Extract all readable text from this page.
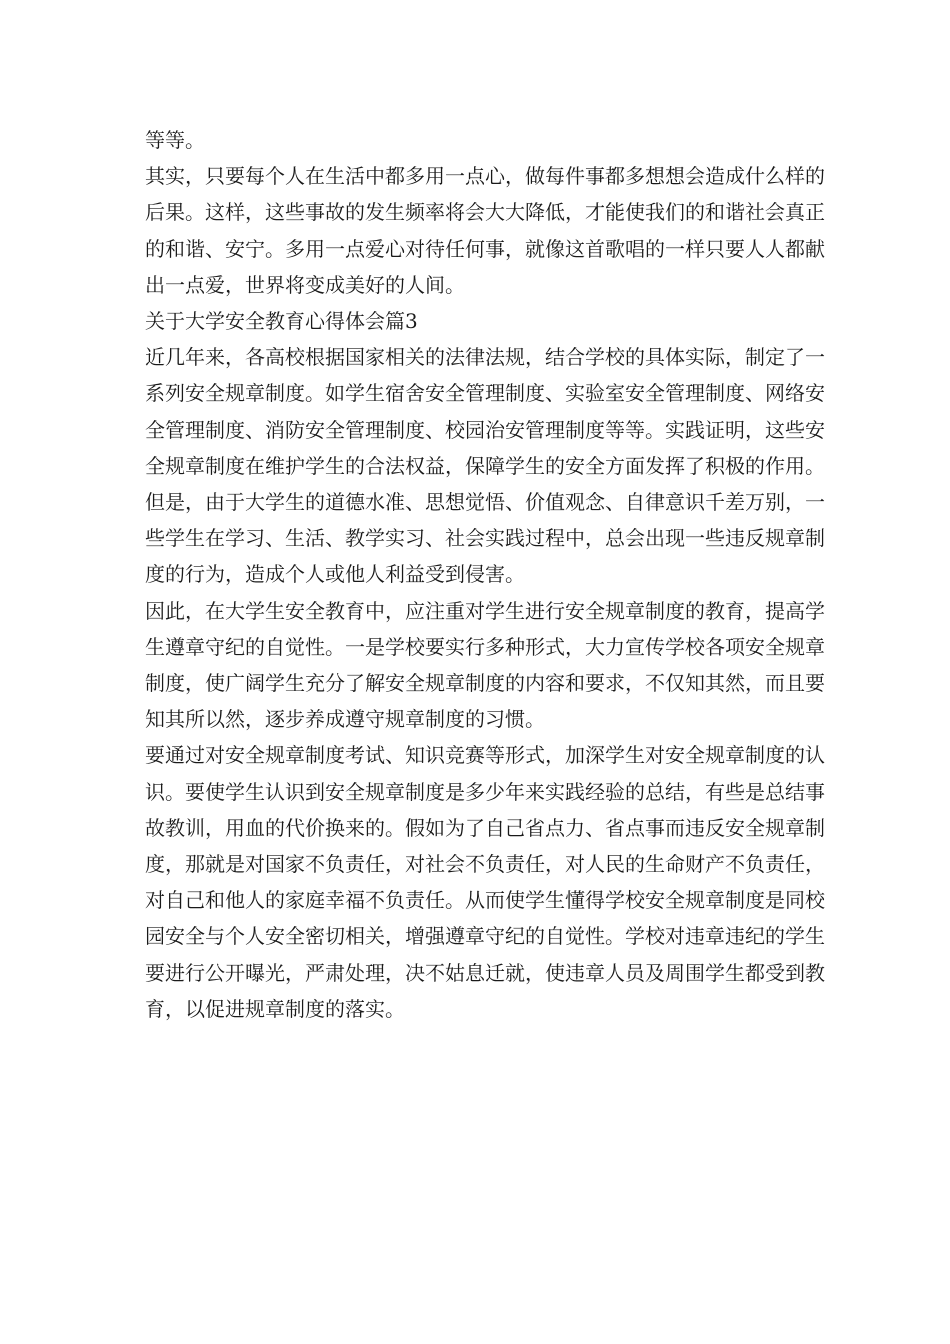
等等。

其实，只要每个人在生活中都多用一点心，做每件事都多想想会造成什么样的后果。这样，这些事故的发生频率将会大大降低，才能使我们的和谐社会真正的和谐、安宁。多用一点爱心对待任何事，就像这首歌唱的一样只要人人都献出一点爱，世界将变成美好的人间。

关于大学安全教育心得体会篇3

近几年来，各高校根据国家相关的法律法规，结合学校的具体实际，制定了一系列安全规章制度。如学生宿舍安全管理制度、实验室安全管理制度、网络安全管理制度、消防安全管理制度、校园治安管理制度等等。实践证明，这些安全规章制度在维护学生的合法权益，保障学生的安全方面发挥了积极的作用。

但是，由于大学生的道德水准、思想觉悟、价值观念、自律意识千差万别，一些学生在学习、生活、教学实习、社会实践过程中，总会出现一些违反规章制度的行为，造成个人或他人利益受到侵害。

因此，在大学生安全教育中，应注重对学生进行安全规章制度的教育，提高学生遵章守纪的自觉性。一是学校要实行多种形式，大力宣传学校各项安全规章制度，使广阔学生充分了解安全规章制度的内容和要求，不仅知其然，而且要知其所以然，逐步养成遵守规章制度的习惯。

要通过对安全规章制度考试、知识竞赛等形式，加深学生对安全规章制度的认识。要使学生认识到安全规章制度是多少年来实践经验的总结，有些是总结事故教训，用血的代价换来的。假如为了自己省点力、省点事而违反安全规章制度，那就是对国家不负责任，对社会不负责任，对人民的生命财产不负责任，对自己和他人的家庭幸福不负责任。从而使学生懂得学校安全规章制度是同校园安全与个人安全密切相关，增强遵章守纪的自觉性。学校对违章违纪的学生要进行公开曝光，严肃处理，决不姑息迁就，使违章人员及周围学生都受到教育，以促进规章制度的落实。
